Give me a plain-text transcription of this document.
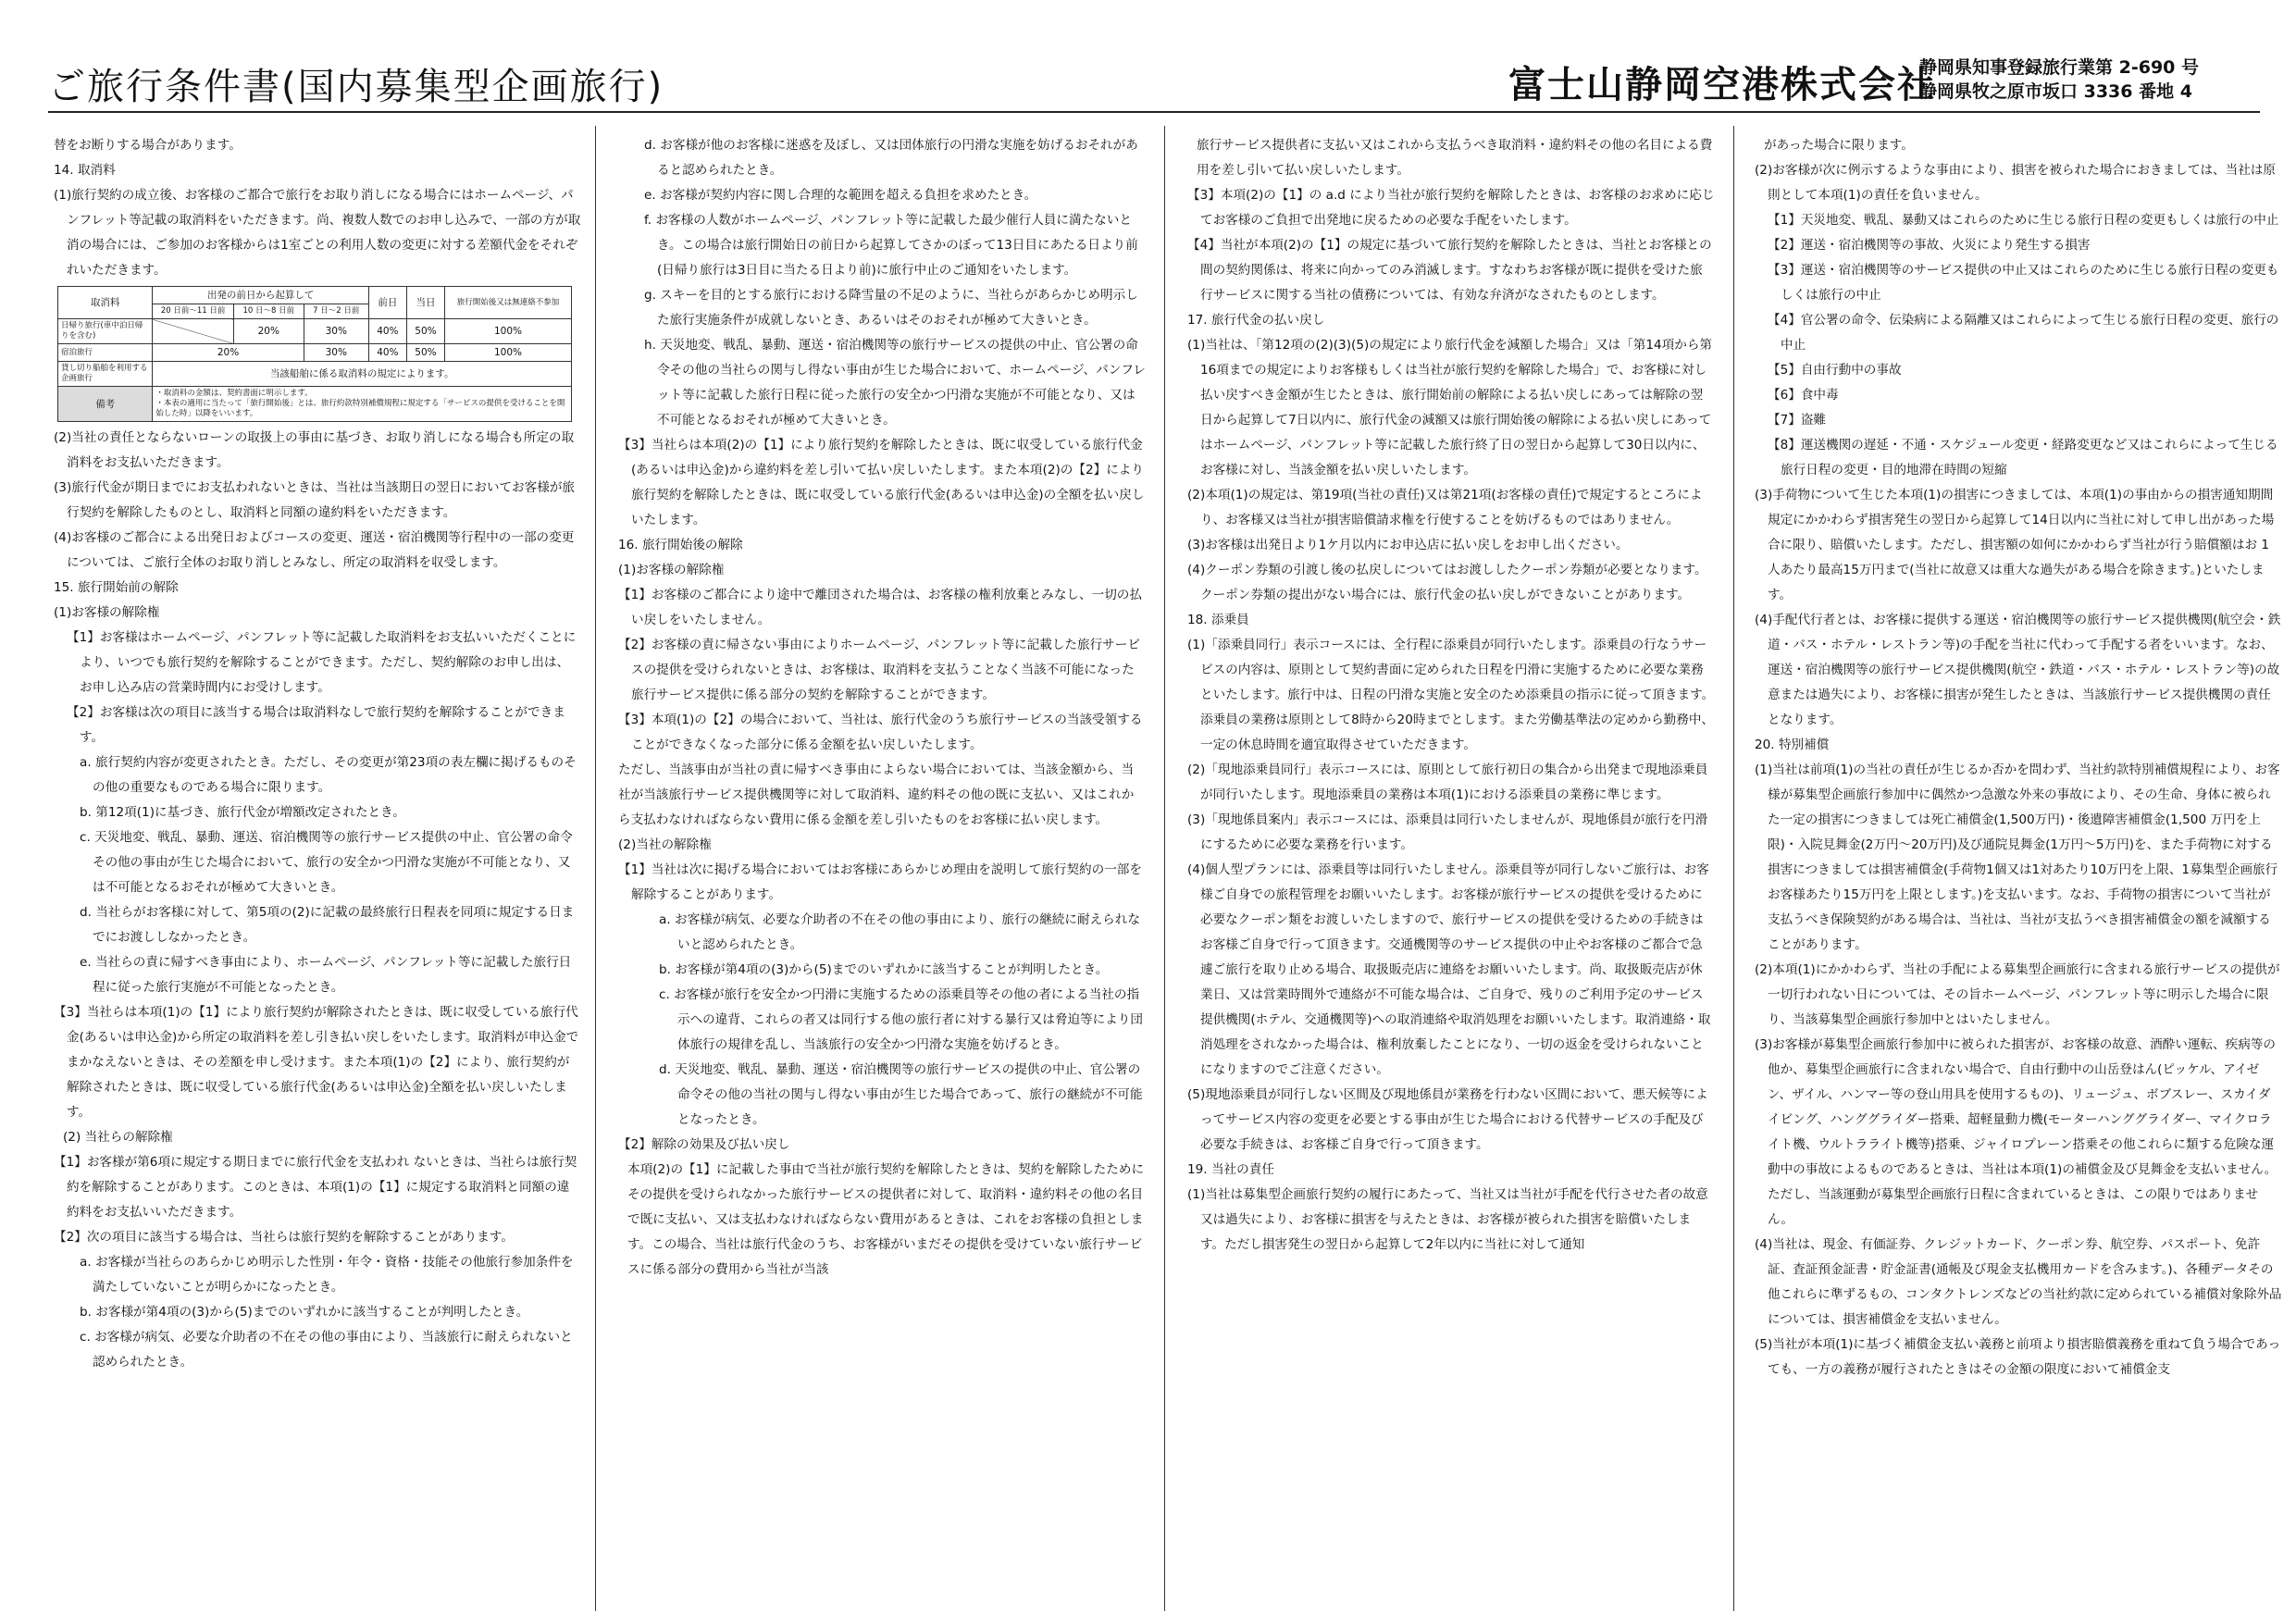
ご旅行条件書(国内募集型企画旅行)	富士山静岡空港株式会社
静岡県知事登録旅行業第 2-690 号
静岡県牧之原市坂口 3336 番地 4

替をお断りする場合があります。

14. 取消料

(1)旅行契約の成立後、お客様のご都合で旅行をお取り消しになる場合にはホームページ、パンフレット等記載の取消料をいただきます。尚、複数人数でのお申し込みで、一部の方が取消の場合には、ご参加のお客様からは1室ごとの利用人数の変更に対する差額代金をそれぞれいただきます。

取消料	出発の前日から起算して			前日	当日	旅行開始後又は無連絡不参加
	20 日前～11 日前	10 日～8 日前	7 日～2 日前			
日帰り旅行(車中泊日帰りを含む)		20%	30%	40%	50%	100%
宿泊旅行	20%		30%	40%	50%	100%
貸し切り船舶を利用する企画旅行	当該船舶に係る取消料の規定によります。					
備考	・取消料の金額は、契約書面に明示します。
・本表の適用に当たって「旅行開始後」とは、旅行約款特別補償規程に規定する「サービスの提供を受けることを開始した時」以降をいいます。					

(2)当社の責任とならないローンの取扱上の事由に基づき、お取り消しになる場合も所定の取消料をお支払いただきます。

(3)旅行代金が期日までにお支払われないときは、当社は当該期日の翌日においてお客様が旅行契約を解除したものとし、取消料と同額の違約料をいただきます。

(4)お客様のご都合による出発日およびコースの変更、運送・宿泊機関等行程中の一部の変更については、ご旅行全体のお取り消しとみなし、所定の取消料を収受します。

15. 旅行開始前の解除

(1)お客様の解除権

【1】お客様はホームページ、パンフレット等に記載した取消料をお支払いいただくことにより、いつでも旅行契約を解除することができます。ただし、契約解除のお申し出は、お申し込み店の営業時間内にお受けします。

【2】お客様は次の項目に該当する場合は取消料なしで旅行契約を解除することができます。

a. 旅行契約内容が変更されたとき。ただし、その変更が第23項の表左欄に掲げるものその他の重要なものである場合に限ります。

b. 第12項(1)に基づき、旅行代金が増額改定されたとき。

c. 天災地変、戦乱、暴動、運送、宿泊機関等の旅行サービス提供の中止、官公署の命令その他の事由が生じた場合において、旅行の安全かつ円滑な実施が不可能となり、又は不可能となるおそれが極めて大きいとき。

d. 当社らがお客様に対して、第5項の(2)に記載の最終旅行日程表を同項に規定する日までにお渡ししなかったとき。

e. 当社らの責に帰すべき事由により、ホームページ、パンフレット等に記載した旅行日程に従った旅行実施が不可能となったとき。

【3】当社らは本項(1)の【1】により旅行契約が解除されたときは、既に収受している旅行代金(あるいは申込金)から所定の取消料を差し引き払い戻しをいたします。取消料が申込金でまかなえないときは、その差額を申し受けます。また本項(1)の【2】により、旅行契約が解除されたときは、既に収受している旅行代金(あるいは申込金)全額を払い戻しいたします。

(2) 当社らの解除権

【1】お客様が第6項に規定する期日までに旅行代金を支払われ ないときは、当社らは旅行契約を解除することがあります。このときは、本項(1)の【1】に規定する取消料と同額の違約料をお支払いいただきます。

【2】次の項目に該当する場合は、当社らは旅行契約を解除することがあります。

a. お客様が当社らのあらかじめ明示した性別・年令・資格・技能その他旅行参加条件を満たしていないことが明らかになったとき。

b. お客様が第4項の(3)から(5)までのいずれかに該当することが判明したとき。

c. お客様が病気、必要な介助者の不在その他の事由により、当該旅行に耐えられないと認められたとき。

d. お客様が他のお客様に迷惑を及ぼし、又は団体旅行の円滑な実施を妨げるおそれがあると認められたとき。

e. お客様が契約内容に関し合理的な範囲を超える負担を求めたとき。

f. お客様の人数がホームページ、パンフレット等に記載した最少催行人員に満たないとき。この場合は旅行開始日の前日から起算してさかのぼって13日目にあたる日より前(日帰り旅行は3日目に当たる日より前)に旅行中止のご通知をいたします。

g. スキーを目的とする旅行における降雪量の不足のように、当社らがあらかじめ明示した旅行実施条件が成就しないとき、あるいはそのおそれが極めて大きいとき。

h. 天災地変、戦乱、暴動、運送・宿泊機関等の旅行サービスの提供の中止、官公署の命令その他の当社らの関与し得ない事由が生じた場合において、ホームページ、パンフレット等に記載した旅行日程に従った旅行の安全かつ円滑な実施が不可能となり、又は不可能となるおそれが極めて大きいとき。

【3】当社らは本項(2)の【1】により旅行契約を解除したときは、既に収受している旅行代金(あるいは申込金)から違約料を差し引いて払い戻しいたします。また本項(2)の【2】により旅行契約を解除したときは、既に収受している旅行代金(あるいは申込金)の全額を払い戻しいたします。

16. 旅行開始後の解除

(1)お客様の解除権

【1】お客様のご都合により途中で離団された場合は、お客様の権利放棄とみなし、一切の払い戻しをいたしません。

【2】お客様の責に帰さない事由によりホームページ、パンフレット等に記載した旅行サービスの提供を受けられないときは、お客様は、取消料を支払うことなく当該不可能になった旅行サービス提供に係る部分の契約を解除することができます。

【3】本項(1)の【2】の場合において、当社は、旅行代金のうち旅行サービスの当該受領することができなくなった部分に係る金額を払い戻しいたします。

ただし、当該事由が当社の責に帰すべき事由によらない場合においては、当該金額から、当社が当該旅行サービス提供機関等に対して取消料、違約料その他の既に支払い、又はこれから支払わなければならない費用に係る金額を差し引いたものをお客様に払い戻します。

(2)当社の解除権

【1】当社は次に掲げる場合においてはお客様にあらかじめ理由を説明して旅行契約の一部を解除することがあります。

a. お客様が病気、必要な介助者の不在その他の事由により、旅行の継続に耐えられないと認められたとき。

b. お客様が第4項の(3)から(5)までのいずれかに該当することが判明したとき。

c. お客様が旅行を安全かつ円滑に実施するための添乗員等その他の者による当社の指示への違背、これらの者又は同行する他の旅行者に対する暴行又は脅迫等により団体旅行の規律を乱し、当該旅行の安全かつ円滑な実施を妨げるとき。

d. 天災地変、戦乱、暴動、運送・宿泊機関等の旅行サービスの提供の中止、官公署の命令その他の当社の関与し得ない事由が生じた場合であって、旅行の継続が不可能となったとき。

【2】解除の効果及び払い戻し

本項(2)の【1】に記載した事由で当社が旅行契約を解除したときは、契約を解除したためにその提供を受けられなかった旅行サービスの提供者に対して、取消料・違約料その他の名目で既に支払い、又は支払わなければならない費用があるときは、これをお客様の負担とします。この場合、当社は旅行代金のうち、お客様がいまだその提供を受けていない旅行サービスに係る部分の費用から当社が当該

旅行サービス提供者に支払い又はこれから支払うべき取消料・違約料その他の名目による費用を差し引いて払い戻しいたします。

【3】本項(2)の【1】の a.d により当社が旅行契約を解除したときは、お客様のお求めに応じてお客様のご負担で出発地に戻るための必要な手配をいたします。

【4】当社が本項(2)の【1】の規定に基づいて旅行契約を解除したときは、当社とお客様との間の契約関係は、将来に向かってのみ消滅します。すなわちお客様が既に提供を受けた旅行サービスに関する当社の債務については、有効な弁済がなされたものとします。

17. 旅行代金の払い戻し

(1)当社は、「第12項の(2)(3)(5)の規定により旅行代金を減額した場合」又は「第14項から第16項までの規定によりお客様もしくは当社が旅行契約を解除した場合」で、お客様に対し払い戻すべき金額が生じたときは、旅行開始前の解除による払い戻しにあっては解除の翌日から起算して7日以内に、旅行代金の減額又は旅行開始後の解除による払い戻しにあってはホームページ、パンフレット等に記載した旅行終了日の翌日から起算して30日以内に、お客様に対し、当該金額を払い戻しいたします。

(2)本項(1)の規定は、第19項(当社の責任)又は第21項(お客様の責任)で規定するところにより、お客様又は当社が損害賠償請求権を行使することを妨げるものではありません。

(3)お客様は出発日より1ケ月以内にお申込店に払い戻しをお申し出ください。

(4)クーポン券類の引渡し後の払戻しについてはお渡ししたクーポン券類が必要となります。クーポン券類の提出がない場合には、旅行代金の払い戻しができないことがあります。

18. 添乗員

(1)「添乗員同行」表示コースには、全行程に添乗員が同行いたします。添乗員の行なうサービスの内容は、原則として契約書面に定められた日程を円滑に実施するために必要な業務といたします。旅行中は、日程の円滑な実施と安全のため添乗員の指示に従って頂きます。添乗員の業務は原則として8時から20時までとします。また労働基準法の定めから勤務中、一定の休息時間を適宜取得させていただきます。

(2)「現地添乗員同行」表示コースには、原則として旅行初日の集合から出発まで現地添乗員が同行いたします。現地添乗員の業務は本項(1)における添乗員の業務に準じます。

(3)「現地係員案内」表示コースには、添乗員は同行いたしませんが、現地係員が旅行を円滑にするために必要な業務を行います。

(4)個人型プランには、添乗員等は同行いたしません。添乗員等が同行しないご旅行は、お客様ご自身での旅程管理をお願いいたします。お客様が旅行サービスの提供を受けるために必要なクーポン類をお渡しいたしますので、旅行サービスの提供を受けるための手続きはお客様ご自身で行って頂きます。交通機関等のサービス提供の中止やお客様のご都合で急遽ご旅行を取り止める場合、取扱販売店に連絡をお願いいたします。尚、取扱販売店が休業日、又は営業時間外で連絡が不可能な場合は、ご自身で、残りのご利用予定のサービス提供機関(ホテル、交通機関等)への取消連絡や取消処理をお願いいたします。取消連絡・取消処理をされなかった場合は、権利放棄したことになり、一切の返金を受けられないことになりますのでご注意ください。

(5)現地添乗員が同行しない区間及び現地係員が業務を行わない区間において、悪天候等によってサービス内容の変更を必要とする事由が生じた場合における代替サービスの手配及び必要な手続きは、お客様ご自身で行って頂きます。

19. 当社の責任

(1)当社は募集型企画旅行契約の履行にあたって、当社又は当社が手配を代行させた者の故意又は過失により、お客様に損害を与えたときは、お客様が被られた損害を賠償いたします。ただし損害発生の翌日から起算して2年以内に当社に対して通知

があった場合に限ります。

(2)お客様が次に例示するような事由により、損害を被られた場合におきましては、当社は原則として本項(1)の責任を負いません。

【1】天災地変、戦乱、暴動又はこれらのために生じる旅行日程の変更もしくは旅行の中止

【2】運送・宿泊機関等の事故、火災により発生する損害

【3】運送・宿泊機関等のサービス提供の中止又はこれらのために生じる旅行日程の変更もしくは旅行の中止

【4】官公署の命令、伝染病による隔離又はこれらによって生じる旅行日程の変更、旅行の中止

【5】自由行動中の事故

【6】食中毒

【7】盗難

【8】運送機関の遅延・不通・スケジュール変更・経路変更など又はこれらによって生じる旅行日程の変更・目的地滞在時間の短縮

(3)手荷物について生じた本項(1)の損害につきましては、本項(1)の事由からの損害通知期間規定にかかわらず損害発生の翌日から起算して14日以内に当社に対して申し出があった場合に限り、賠償いたします。ただし、損害額の如何にかかわらず当社が行う賠償額はお 1 人あたり最高15万円まで(当社に故意又は重大な過失がある場合を除きます。)といたします。

(4)手配代行者とは、お客様に提供する運送・宿泊機関等の旅行サービス提供機関(航空会・鉄道・バス・ホテル・レストラン等)の手配を当社に代わって手配する者をいいます。なお、運送・宿泊機関等の旅行サービス提供機関(航空・鉄道・バス・ホテル・レストラン等)の故意または過失により、お客様に損害が発生したときは、当該旅行サービス提供機関の責任となります。

20. 特別補償

(1)当社は前項(1)の当社の責任が生じるか否かを問わず、当社約款特別補償規程により、お客様が募集型企画旅行参加中に偶然かつ急激な外来の事故により、その生命、身体に被られた一定の損害につきましては死亡補償金(1,500万円)・後遺障害補償金(1,500 万円を上限)・入院見舞金(2万円～20万円)及び通院見舞金(1万円～5万円)を、また手荷物に対する損害につきましては損害補償金(手荷物1個又は1対あたり10万円を上限、1募集型企画旅行お客様あたり15万円を上限とします。)を支払います。なお、手荷物の損害について当社が支払うべき保険契約がある場合は、当社は、当社が支払うべき損害補償金の額を減額することがあります。

(2)本項(1)にかかわらず、当社の手配による募集型企画旅行に含まれる旅行サービスの提供が一切行われない日については、その旨ホームページ、パンフレット等に明示した場合に限り、当該募集型企画旅行参加中とはいたしません。

(3)お客様が募集型企画旅行参加中に被られた損害が、お客様の故意、酒酔い運転、疾病等の他か、募集型企画旅行に含まれない場合で、自由行動中の山岳登はん(ピッケル、アイゼン、ザイル、ハンマー等の登山用具を使用するもの)、リュージュ、ボブスレー、スカイダイビング、ハンググライダー搭乗、超軽量動力機(モーターハンググライダー、マイクロライト機、ウルトラライト機等)搭乗、ジャイロプレーン搭乗その他これらに類する危険な運動中の事故によるものであるときは、当社は本項(1)の補償金及び見舞金を支払いません。ただし、当該運動が募集型企画旅行日程に含まれているときは、この限りではありません。

(4)当社は、現金、有価証券、クレジットカード、クーポン券、航空券、パスポート、免許証、査証預金証書・貯金証書(通帳及び現金支払機用カードを含みます。)、各種データその他これらに準ずるもの、コンタクトレンズなどの当社約款に定められている補償対象除外品については、損害補償金を支払いません。

(5)当社が本項(1)に基づく補償金支払い義務と前項より損害賠償義務を重ねて負う場合であっても、一方の義務が履行されたときはその金額の限度において補償金支
